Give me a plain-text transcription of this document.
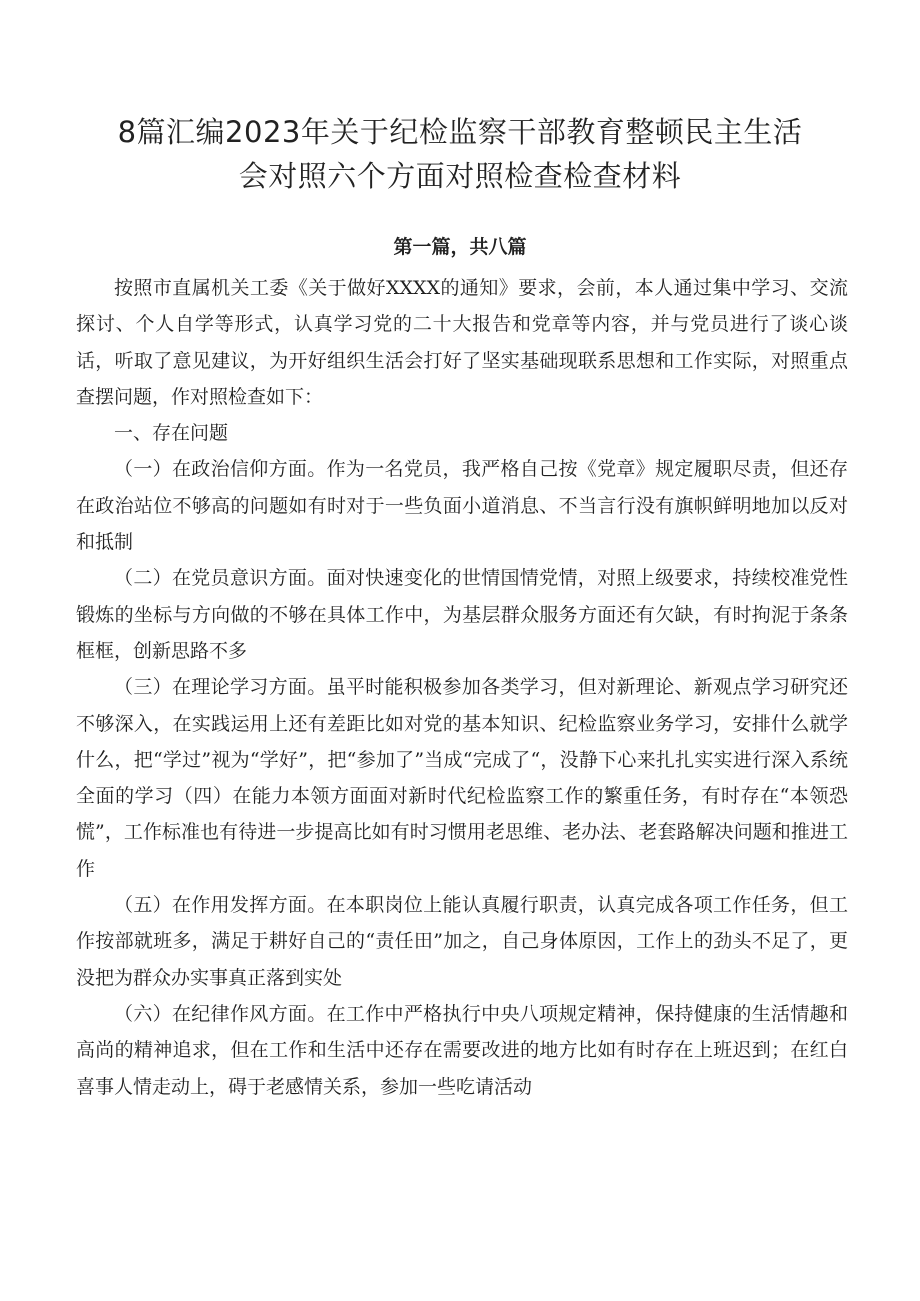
8篇汇编2023年关于纪检监察干部教育整顿民主生活
会对照六个方面对照检查检查材料
第一篇，共八篇

按照市直属机关工委《关于做好XXXX的通知》要求，会前，本人通过集中学习、交流探讨、个人自学等形式，认真学习党的二十大报告和党章等内容，并与党员进行了谈心谈话，听取了意见建议，为开好组织生活会打好了坚实基础现联系思想和工作实际，对照重点查摆问题，作对照检查如下：

一、存在问题

（一）在政治信仰方面。作为一名党员，我严格自己按《党章》规定履职尽责，但还存在政治站位不够高的问题如有时对于一些负面小道消息、不当言行没有旗帜鲜明地加以反对和抵制

（二）在党员意识方面。面对快速变化的世情国情党情，对照上级要求，持续校准党性锻炼的坐标与方向做的不够在具体工作中，为基层群众服务方面还有欠缺，有时拘泥于条条框框，创新思路不多

（三）在理论学习方面。虽平时能积极参加各类学习，但对新理论、新观点学习研究还不够深入，在实践运用上还有差距比如对党的基本知识、纪检监察业务学习，安排什么就学什么，把“学过”视为“学好”，把“参加了”当成“完成了“，没静下心来扎扎实实进行深入系统全面的学习（四）在能力本领方面面对新时代纪检监察工作的繁重任务，有时存在“本领恐慌”，工作标准也有待进一步提高比如有时习惯用老思维、老办法、老套路解决问题和推进工作

（五）在作用发挥方面。在本职岗位上能认真履行职责，认真完成各项工作任务，但工作按部就班多，满足于耕好自己的“责任田”加之，自己身体原因，工作上的劲头不足了，更没把为群众办实事真正落到实处

（六）在纪律作风方面。在工作中严格执行中央八项规定精神，保持健康的生活情趣和高尚的精神追求，但在工作和生活中还存在需要改进的地方比如有时存在上班迟到；在红白喜事人情走动上，碍于老感情关系，参加一些吃请活动
